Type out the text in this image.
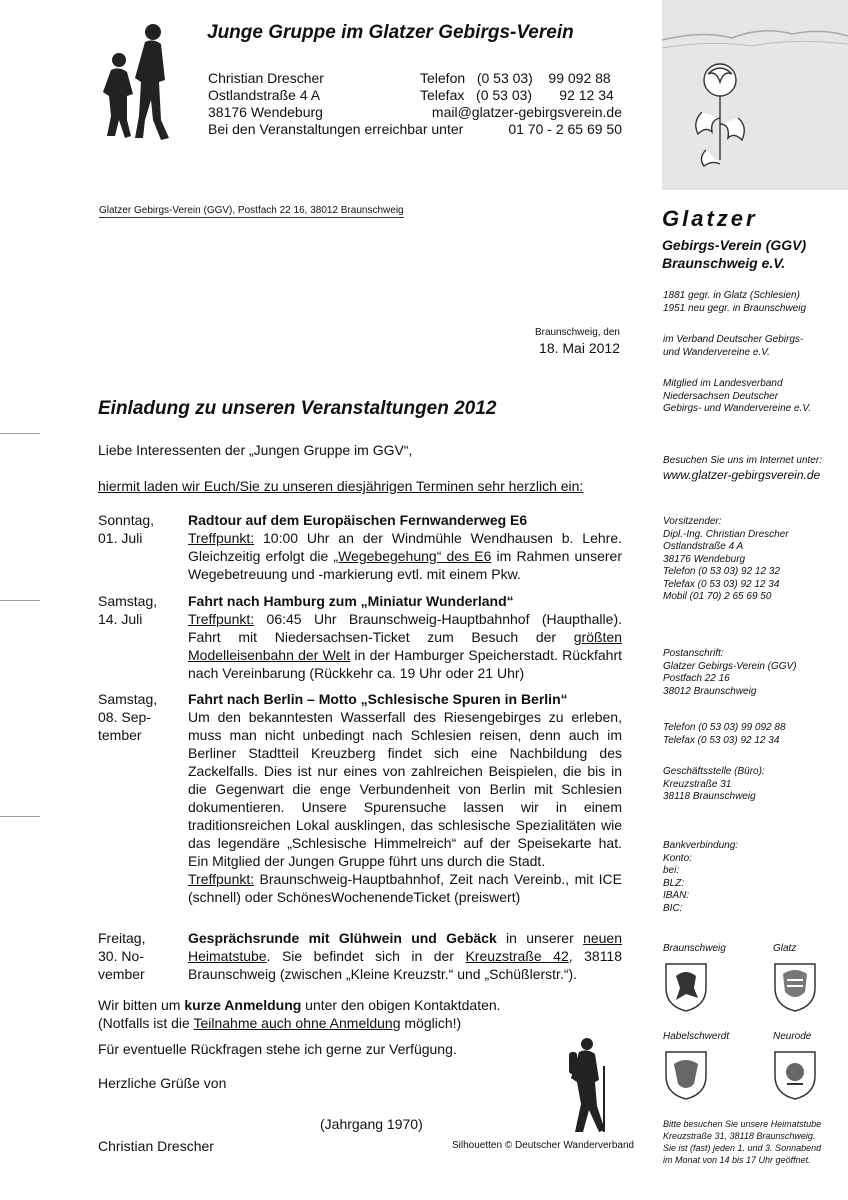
Junge Gruppe im Glatzer Gebirgs-Verein
Christian Drescher	Telefon   (0 53 03)    99 092 88
Ostlandstraße 4 A	Telefax   (0 53 03)       92 12 34
38176 Wendeburg	mail@glatzer-gebirgsverein.de
Bei den Veranstaltungen erreichbar unter	01 70 - 2 65 69 50
Glatzer Gebirgs-Verein (GGV), Postfach 22 16, 38012 Braunschweig
Braunschweig, den
18. Mai 2012
Einladung zu unseren Veranstaltungen 2012
Liebe Interessenten der „Jungen Gruppe im GGV“,
hiermit laden wir Euch/Sie zu unseren diesjährigen Terminen sehr herzlich ein:
Sonntag,
01. Juli
Radtour auf dem Europäischen Fernwanderweg E6
Treffpunkt: 10:00 Uhr an der Windmühle Wendhausen b. Lehre. Gleichzeitig erfolgt die „Wegebegehung“ des E6 im Rahmen unserer Wegebetreuung und -markierung evtl. mit einem Pkw.
Samstag,
14. Juli
Fahrt nach Hamburg zum „Miniatur Wunderland“
Treffpunkt: 06:45 Uhr Braunschweig-Hauptbahnhof (Haupthalle). Fahrt mit Niedersachsen-Ticket zum Besuch der größten Modelleisenbahn der Welt in der Hamburger Speicherstadt. Rückfahrt nach Vereinbarung (Rückkehr ca. 19 Uhr oder 21 Uhr)
Samstag,
08. Sep-
tember
Fahrt nach Berlin – Motto „Schlesische Spuren in Berlin“
Um den bekanntesten Wasserfall des Riesengebirges zu erleben, muss man nicht unbedingt nach Schlesien reisen, denn auch im Berliner Stadtteil Kreuzberg findet sich eine Nachbildung des Zackelfalls. Dies ist nur eines von zahlreichen Beispielen, die bis in die Gegenwart die enge Verbundenheit von Berlin mit Schlesien dokumentieren. Unsere Spurensuche lassen wir in einem traditionsreichen Lokal ausklingen, das schlesische Spezialitäten wie das legendäre „Schlesische Himmelreich“ auf der Speisekarte hat. Ein Mitglied der Jungen Gruppe führt uns durch die Stadt.
Treffpunkt: Braunschweig-Hauptbahnhof, Zeit nach Vereinb., mit ICE (schnell) oder SchönesWochenendeTicket (preiswert)
Freitag,
30. No-
vember
Gesprächsrunde mit Glühwein und Gebäck in unserer neuen Heimatstube. Sie befindet sich in der Kreuzstraße 42, 38118 Braunschweig (zwischen „Kleine Kreuzstr.“ und „Schüßlerstr.“).
Wir bitten um kurze Anmeldung unter den obigen Kontaktdaten.
(Notfalls ist die Teilnahme auch ohne Anmeldung möglich!)
Für eventuelle Rückfragen stehe ich gerne zur Verfügung.
Herzliche Grüße von
(Jahrgang 1970)
Christian Drescher	Silhouetten © Deutscher Wanderverband
Glatzer
Gebirgs-Verein (GGV)
Braunschweig e.V.
1881 gegr. in Glatz (Schlesien)
1951 neu gegr. in Braunschweig
im Verband Deutscher Gebirgs-
und Wandervereine e.V.
Mitglied im Landesverband
Niedersachsen Deutscher
Gebirgs- und Wandervereine e.V.
Besuchen Sie uns im Internet unter:
www.glatzer-gebirgsverein.de
Vorsitzender:
Dipl.-Ing. Christian Drescher
Ostlandstraße 4 A
38176 Wendeburg
Telefon (0 53 03) 92 12 32
Telefax (0 53 03) 92 12 34
Mobil (01 70) 2 65 69 50
Postanschrift:
Glatzer Gebirgs-Verein (GGV)
Postfach 22 16
38012 Braunschweig
Telefon (0 53 03) 99 092 88
Telefax (0 53 03) 92 12 34
Geschäftsstelle (Büro):
Kreuzstraße 31
38118 Braunschweig
Bankverbindung:
Konto:
bei:
BLZ:
IBAN:
BIC:
Braunschweig	Glatz
Habelschwerdt	Neurode
Bitte besuchen Sie unsere Heimatstube
Kreuzstraße 31, 38118 Braunschweig.
Sie ist (fast) jeden 1. und 3. Sonnabend
im Monat von 14 bis 17 Uhr geöffnet.
